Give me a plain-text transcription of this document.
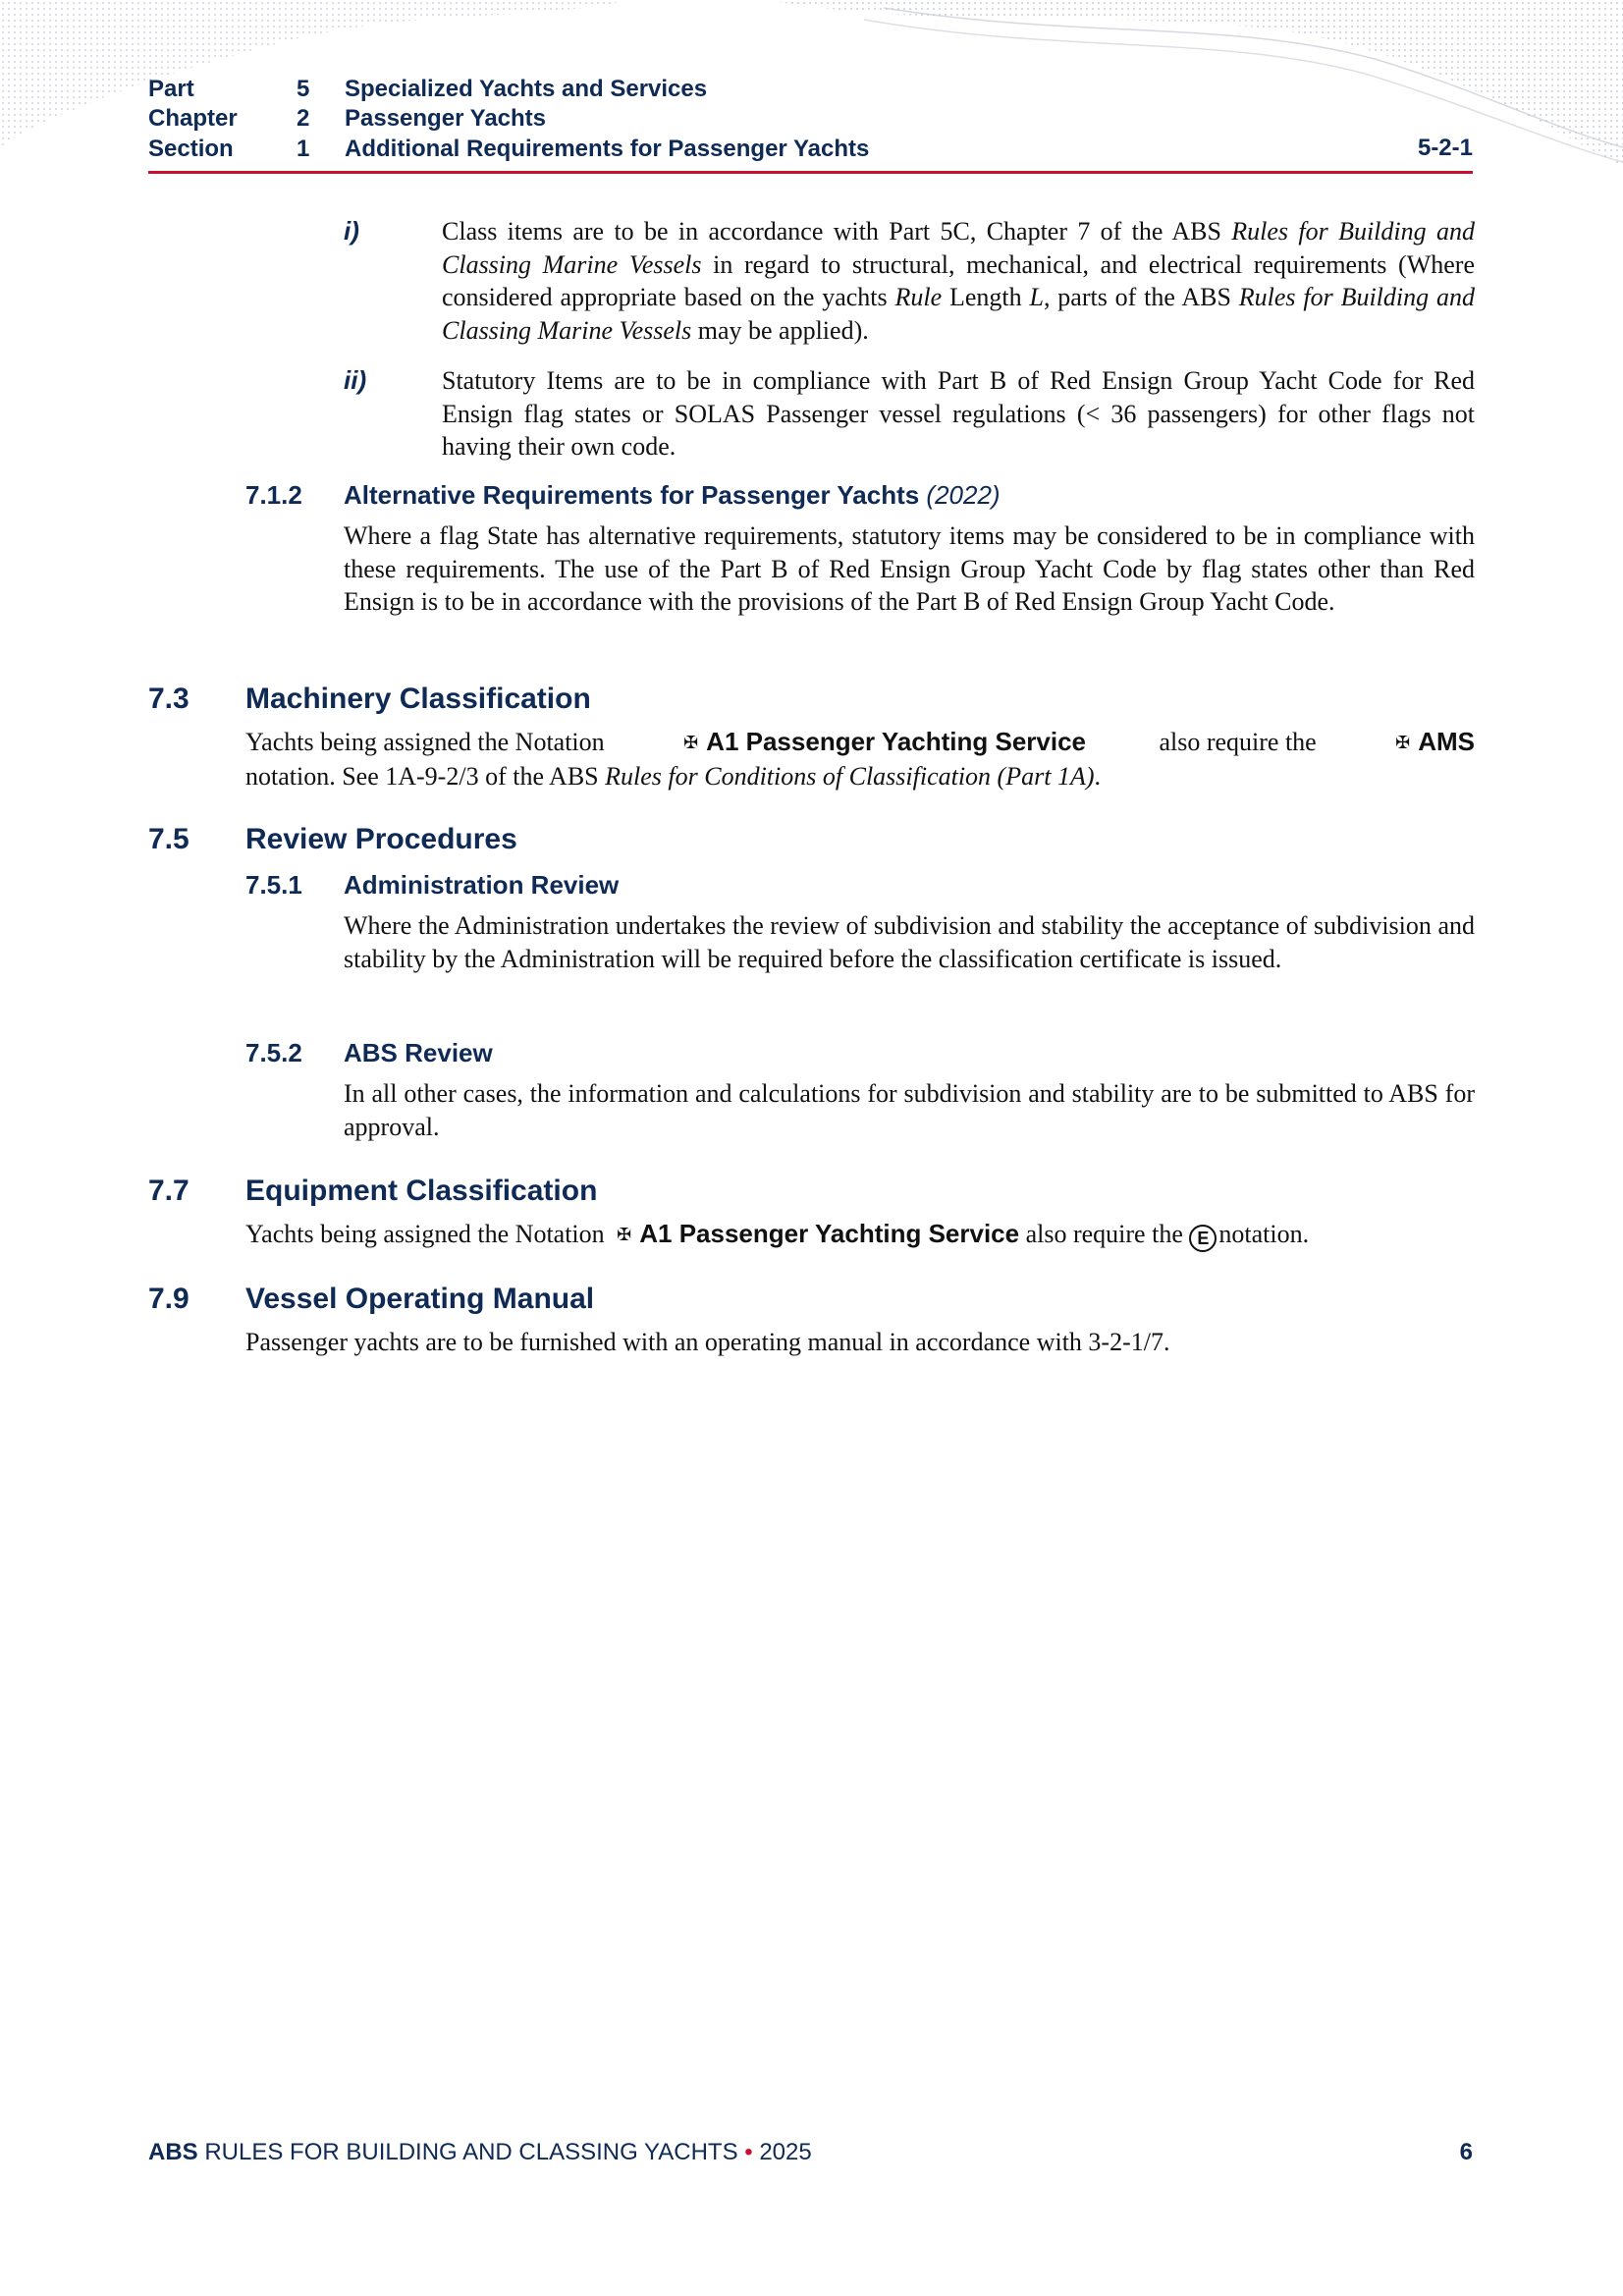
Part	5 Specialized Yachts and Services
Chapter	2 Passenger Yachts
Section	1 Additional Requirements for Passenger Yachts	5-2-1
i)	Class items are to be in accordance with Part 5C, Chapter 7 of the ABS Rules for Building and Classing Marine Vessels in regard to structural, mechanical, and electrical requirements (Where considered appropriate based on the yachts Rule Length L, parts of the ABS Rules for Building and Classing Marine Vessels may be applied).
ii)	Statutory Items are to be in compliance with Part B of Red Ensign Group Yacht Code for Red Ensign flag states or SOLAS Passenger vessel regulations (< 36 passengers) for other flags not having their own code.
7.1.2 Alternative Requirements for Passenger Yachts (2022)
Where a flag State has alternative requirements, statutory items may be considered to be in compliance with these requirements. The use of the Part B of Red Ensign Group Yacht Code by flag states other than Red Ensign is to be in accordance with the provisions of the Part B of Red Ensign Group Yacht Code.
7.3 Machinery Classification
Yachts being assigned the Notation	✠ A1 Passenger Yachting Service	also require the	✠ AMS
notation. See 1A-9-2/3 of the ABS Rules for Conditions of Classification (Part 1A).
7.5 Review Procedures
7.5.1 Administration Review
Where the Administration undertakes the review of subdivision and stability the acceptance of subdivision and stability by the Administration will be required before the classification certificate is issued.
7.5.2 ABS Review
In all other cases, the information and calculations for subdivision and stability are to be submitted to ABS for approval.
7.7 Equipment Classification
Yachts being assigned the Notation ✠ A1 Passenger Yachting Service also require the E notation.
7.9 Vessel Operating Manual
Passenger yachts are to be furnished with an operating manual in accordance with 3-2-1/7.
ABS RULES FOR BUILDING AND CLASSING YACHTS • 2025	6
